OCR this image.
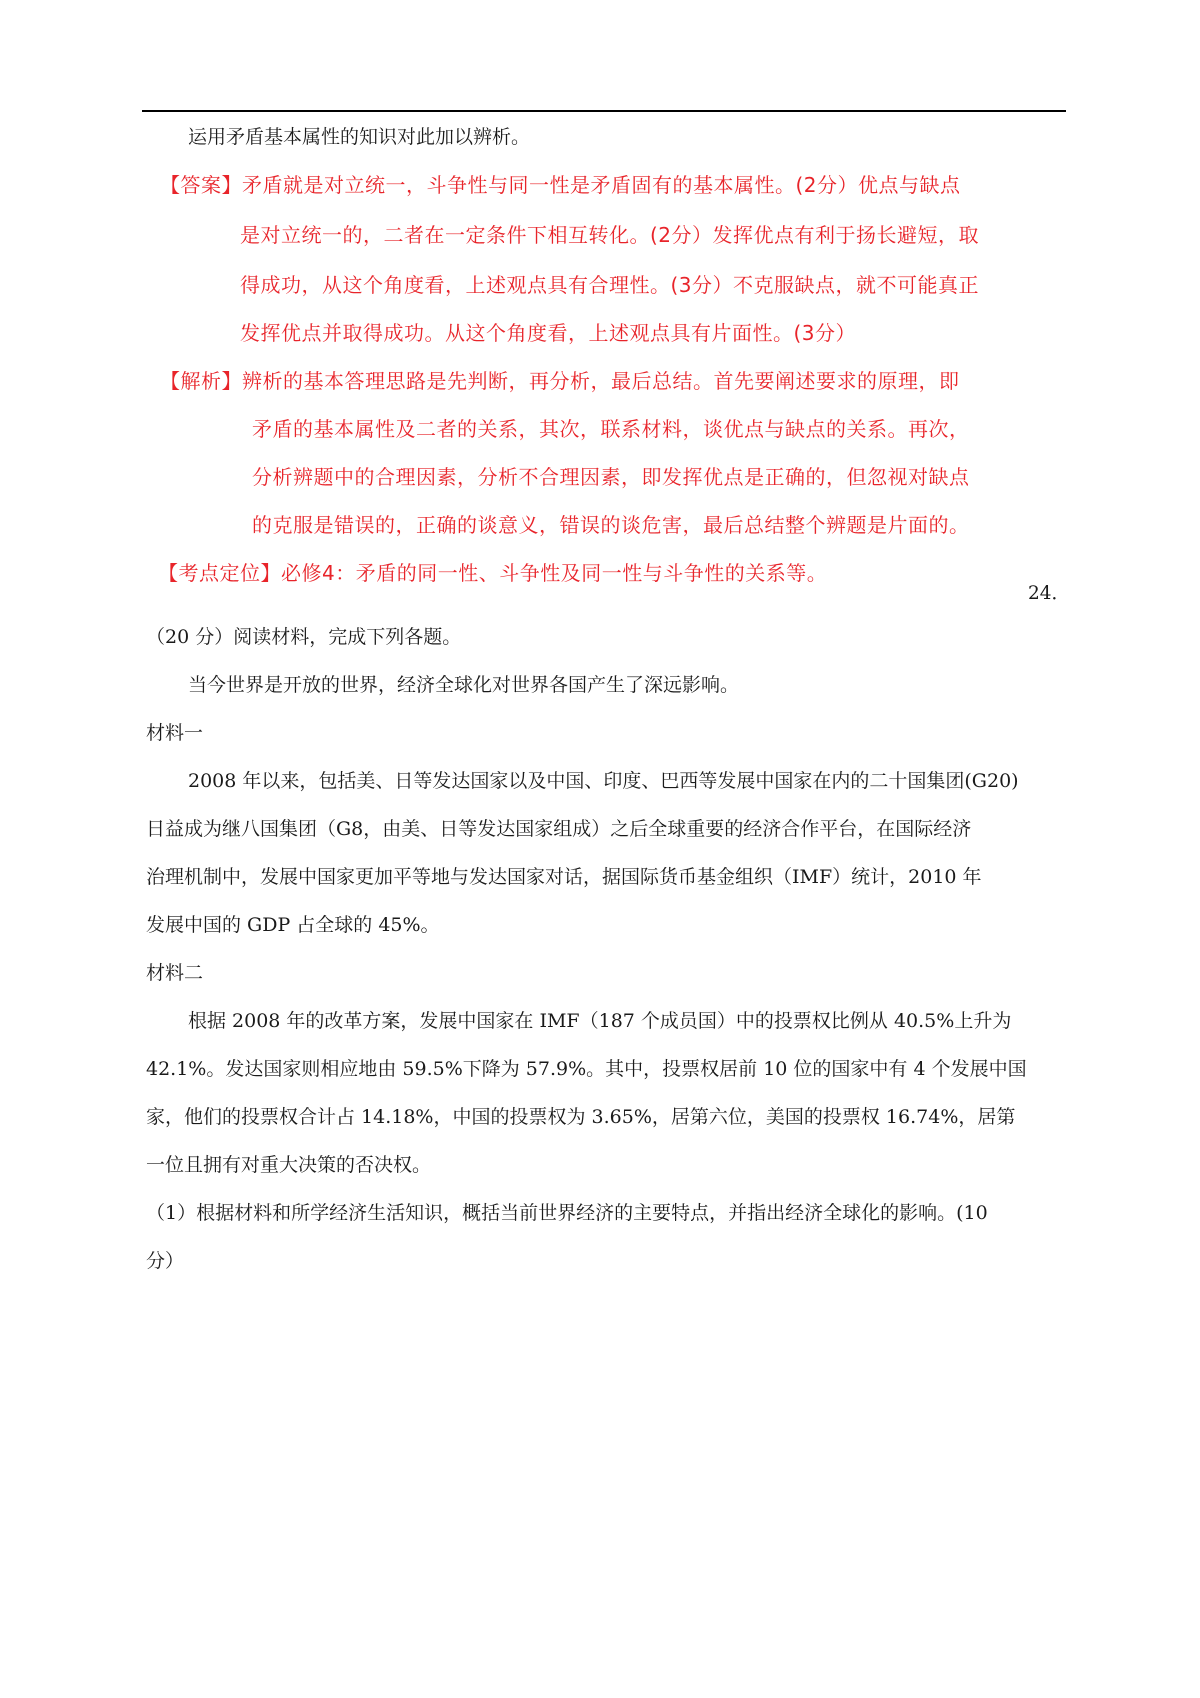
运用矛盾基本属性的知识对此加以辨析。
【答案】矛盾就是对立统一，斗争性与同一性是矛盾固有的基本属性。(2分）优点与缺点
是对立统一的，二者在一定条件下相互转化。(2分）发挥优点有利于扬长避短，取
得成功，从这个角度看，上述观点具有合理性。(3分）不克服缺点，就不可能真正
发挥优点并取得成功。从这个角度看，上述观点具有片面性。(3分）
【解析】辨析的基本答理思路是先判断，再分析，最后总结。首先要阐述要求的原理，即
矛盾的基本属性及二者的关系，其次，联系材料，谈优点与缺点的关系。再次，
分析辨题中的合理因素，分析不合理因素，即发挥优点是正确的，但忽视对缺点
的克服是错误的，正确的谈意义，错误的谈危害，最后总结整个辨题是片面的。
【考点定位】必修4：矛盾的同一性、斗争性及同一性与斗争性的关系等。
24．
（20 分）阅读材料，完成下列各题。
当今世界是开放的世界，经济全球化对世界各国产生了深远影响。
材料一
2008 年以来，包括美、日等发达国家以及中国、印度、巴西等发展中国家在内的二十国集团(G20)
日益成为继八国集团（G8，由美、日等发达国家组成）之后全球重要的经济合作平台，在国际经济
治理机制中，发展中国家更加平等地与发达国家对话，据国际货币基金组织（IMF）统计，2010 年
发展中国的 GDP 占全球的 45%。
材料二
根据 2008 年的改革方案，发展中国家在 IMF（187 个成员国）中的投票权比例从 40.5%上升为
42.1%。发达国家则相应地由 59.5%下降为 57.9%。其中，投票权居前 10 位的国家中有 4 个发展中国
家，他们的投票权合计占 14.18%，中国的投票权为 3.65%，居第六位，美国的投票权 16.74%，居第
一位且拥有对重大决策的否决权。
（1）根据材料和所学经济生活知识，概括当前世界经济的主要特点，并指出经济全球化的影响。(10
分）
